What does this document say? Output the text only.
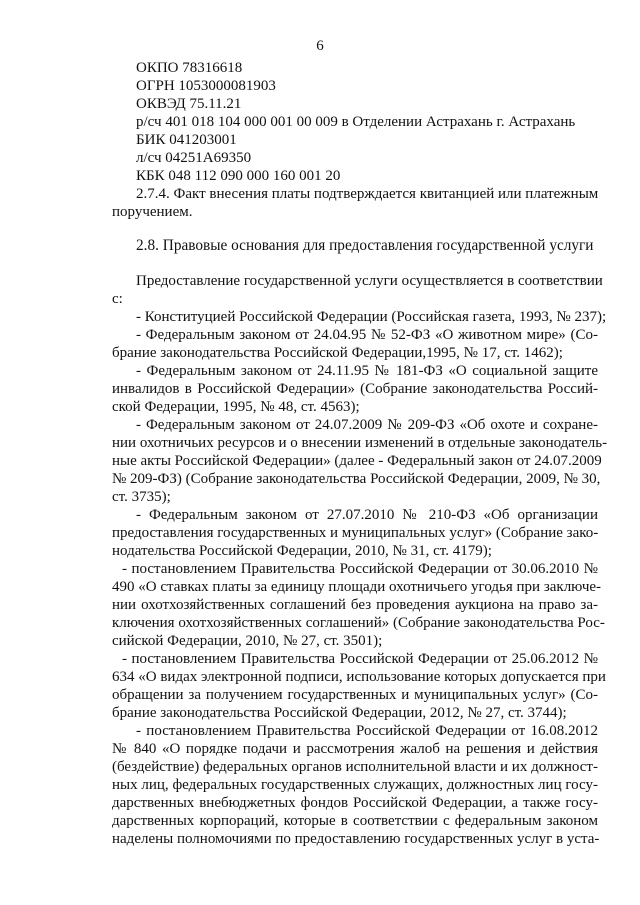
6
ОКПО 78316618
ОГРН 1053000081903
ОКВЭД 75.11.21
р/сч 401 018 104 000 001 00 009 в Отделении Астрахань г. Астрахань
БИК 041203001
л/сч 04251А69350
КБК 048 112 090 000 160 001 20
2.7.4. Факт внесения платы подтверждается квитанцией или платежным
поручением.
2.8. Правовые основания для предоставления государственной услуги
Предоставление государственной услуги осуществляется в соответствии
с:
- Конституцией Российской Федерации (Российская газета, 1993, № 237);
- Федеральным законом от 24.04.95 № 52-ФЗ «О животном мире» (Со-
брание законодательства Российской Федерации,1995, № 17, ст. 1462);
- Федеральным законом от 24.11.95 № 181-ФЗ «О социальной защите
инвалидов в Российской Федерации» (Собрание законодательства Россий-
ской Федерации, 1995, № 48, ст. 4563);
- Федеральным законом от 24.07.2009 № 209-ФЗ «Об охоте и сохране-
нии охотничьих ресурсов и о внесении изменений в отдельные законодатель-
ные акты Российской Федерации» (далее - Федеральный закон от 24.07.2009
№ 209-ФЗ) (Собрание законодательства Российской Федерации, 2009, № 30,
ст. 3735);
- Федеральным законом от 27.07.2010 № 210-ФЗ «Об организации
предоставления государственных и муниципальных услуг» (Собрание зако-
нодательства Российской Федерации, 2010, № 31, ст. 4179);
- постановлением Правительства Российской Федерации от 30.06.2010 №
490 «О ставках платы за единицу площади охотничьего угодья при заключе-
нии охотхозяйственных соглашений без проведения аукциона на право за-
ключения охотхозяйственных соглашений» (Собрание законодательства Рос-
сийской Федерации, 2010, № 27, ст. 3501);
- постановлением Правительства Российской Федерации от 25.06.2012 №
634 «О видах электронной подписи, использование которых допускается при
обращении за получением государственных и муниципальных услуг» (Со-
брание законодательства Российской Федерации, 2012, № 27, ст. 3744);
- постановлением Правительства Российской Федерации от 16.08.2012
№ 840 «О порядке подачи и рассмотрения жалоб на решения и действия
(бездействие) федеральных органов исполнительной власти и их должност-
ных лиц, федеральных государственных служащих, должностных лиц госу-
дарственных внебюджетных фондов Российской Федерации, а также госу-
дарственных корпораций, которые в соответствии с федеральным законом
наделены полномочиями по предоставлению государственных услуг в уста-
